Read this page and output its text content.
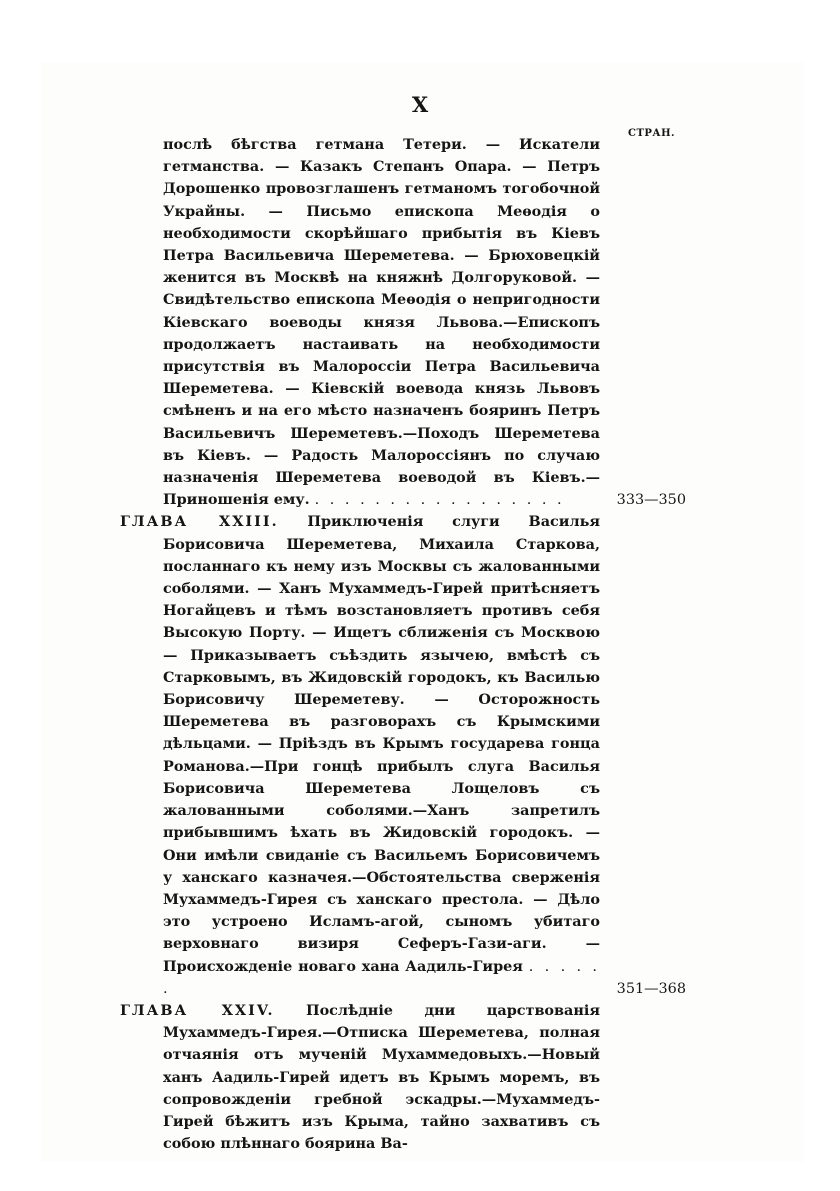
X
СТРАН.

послѣ бѣгства гетмана Тетери. — Искатели гетманства. — Казакъ Степанъ Опара. — Петръ Дорошенко провозглашенъ гетманомъ тогобочной Украйны. — Письмо епископа Меѳодія о необходимости скорѣйшаго прибытія въ Кіевъ Петра Васильевича Шереметева. — Брюховецкій женится въ Москвѣ на княжнѣ Долгоруковой. — Свидѣтельство епископа Меѳодія о непригодности Кіевскаго воеводы князя Львова.—Епископъ продолжаетъ настаивать на необходимости присутствія въ Малороссіи Петра Васильевича Шереметева. — Кіевскій воевода князь Львовъ смѣненъ и на его мѣсто назначенъ бояринъ Петръ Васильевичъ Шереметевъ.—Походъ Шереметева въ Кіевъ. — Радость Малороссіянъ по случаю назначенія Шереметева воеводой въ Кіевъ.—Приношенія ему. . . . . . . . . . . . . . . . . .	333—350

ГЛАВА XXIII. Приключенія слуги Василья Борисовича Шереметева, Михаила Старкова, посланнаго къ нему изъ Москвы съ жалованными соболями. — Ханъ Мухаммедъ-Гирей притѣсняетъ Ногайцевъ и тѣмъ возстановляетъ противъ себя Высокую Порту. — Ищетъ сближенія съ Москвою — Приказываетъ съѣздить язычею, вмѣстѣ съ Старковымъ, въ Жидовскій городокъ, къ Василью Борисовичу Шереметеву. — Осторожность Шереметева въ разговорахъ съ Крымскими дѣльцами. — Пріѣздъ въ Крымъ государева гонца Романова.—При гонцѣ прибылъ слуга Василья Борисовича Шереметева Лощеловъ съ жалованными соболями.—Ханъ запретилъ прибывшимъ ѣхать въ Жидовскій городокъ. — Они имѣли свиданіе съ Васильемъ Борисовичемъ у ханскаго казначея.—Обстоятельства сверженія Мухаммедъ-Гирея съ ханскаго престола. — Дѣло это устроено Исламъ-агой, сыномъ убитаго верховнаго визиря Сеферъ-Гази-аги. — Происхожденіе новаго хана Аадиль-Гирея . . . . . .	351—368

ГЛАВА XXIV. Послѣдніе дни царствованія Мухаммедъ-Гирея.—Отписка Шереметева, полная отчаянія отъ мученій Мухаммедовыхъ.—Новый ханъ Аадиль-Гирей идетъ въ Крымъ моремъ, въ сопровожденіи гребной эскадры.—Мухаммедъ-Гирей бѣжитъ изъ Крыма, тайно захвативъ съ собою плѣннаго боярина Ва-
